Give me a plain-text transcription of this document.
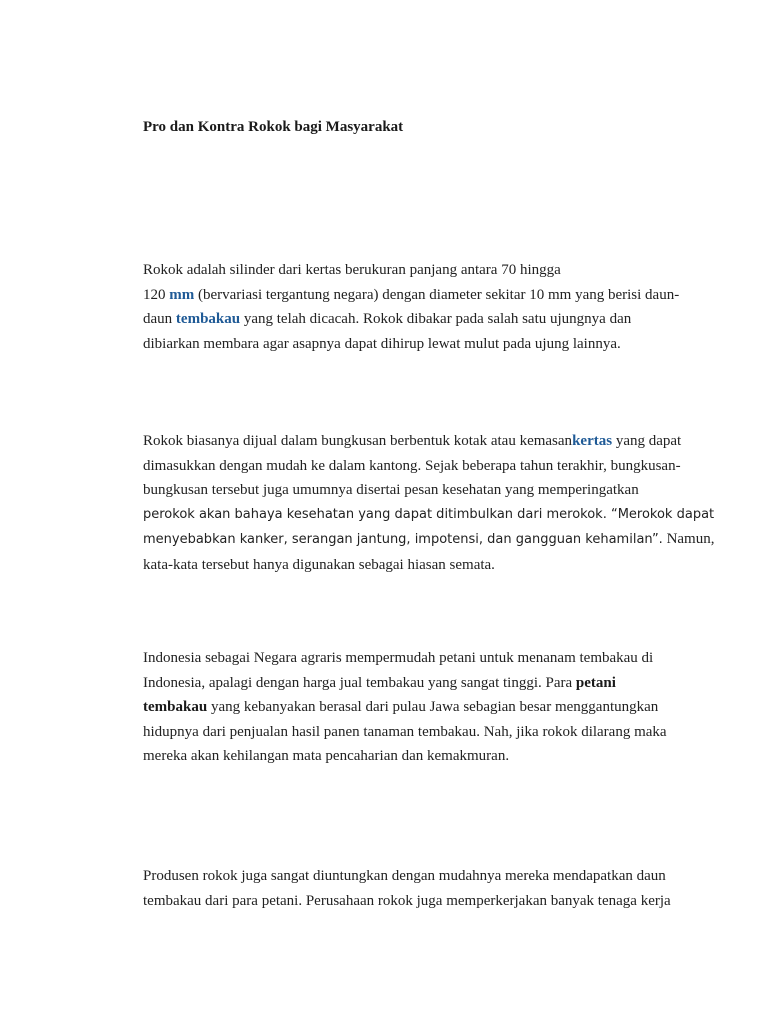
Pro dan Kontra Rokok bagi Masyarakat

Rokok adalah silinder dari kertas berukuran panjang antara 70 hingga
120 mm (bervariasi tergantung negara) dengan diameter sekitar 10 mm yang berisi daun-
daun tembakau yang telah dicacah. Rokok dibakar pada salah satu ujungnya dan
dibiarkan membara agar asapnya dapat dihirup lewat mulut pada ujung lainnya.

Rokok biasanya dijual dalam bungkusan berbentuk kotak atau kemasankertas yang dapat
dimasukkan dengan mudah ke dalam kantong. Sejak beberapa tahun terakhir, bungkusan-
bungkusan tersebut juga umumnya disertai pesan kesehatan yang memperingatkan
perokok akan bahaya kesehatan yang dapat ditimbulkan dari merokok. “Merokok dapat
menyebabkan kanker, serangan jantung, impotensi, dan gangguan kehamilan”. Namun,
kata-kata tersebut hanya digunakan sebagai hiasan semata.

Indonesia sebagai Negara agraris mempermudah petani untuk menanam tembakau di
Indonesia, apalagi dengan harga jual tembakau yang sangat tinggi. Para petani
tembakau yang kebanyakan berasal dari pulau Jawa sebagian besar menggantungkan
hidupnya dari penjualan hasil panen tanaman tembakau. Nah, jika rokok dilarang maka
mereka akan kehilangan mata pencaharian dan kemakmuran.

Produsen rokok juga sangat diuntungkan dengan mudahnya mereka mendapatkan daun
tembakau dari para petani. Perusahaan rokok juga memperkerjakan banyak tenaga kerja
